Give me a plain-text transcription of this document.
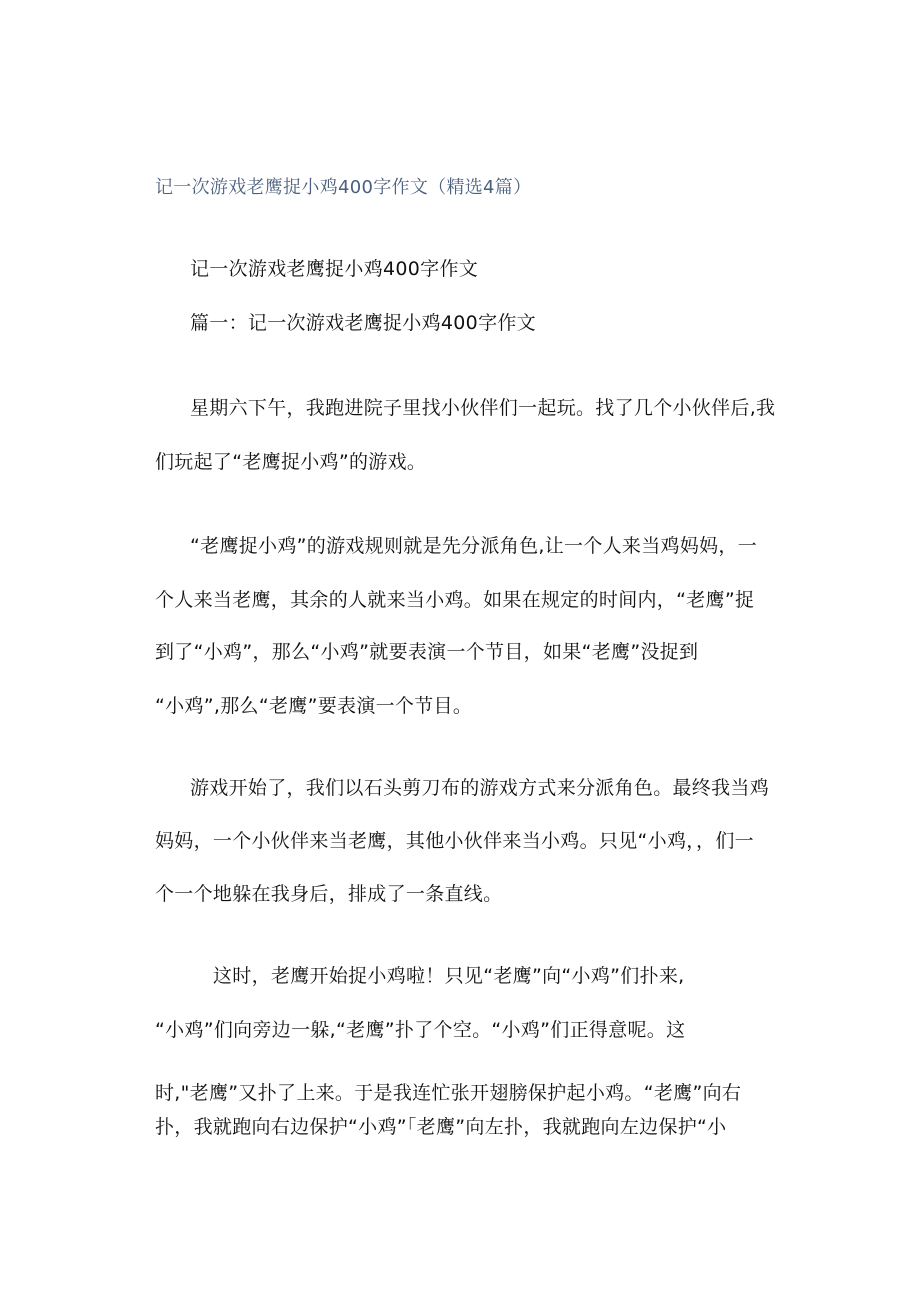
记一次游戏老鹰捉小鸡400字作文（精选4篇）

记一次游戏老鹰捉小鸡400字作文

篇一：记一次游戏老鹰捉小鸡400字作文

星期六下午，我跑进院子里找小伙伴们一起玩。找了几个小伙伴后,我

们玩起了“老鹰捉小鸡”的游戏。

“老鹰捉小鸡”的游戏规则就是先分派角色,让一个人来当鸡妈妈，一

个人来当老鹰，其余的人就来当小鸡。如果在规定的时间内，“老鹰”捉

到了“小鸡”，那么“小鸡”就要表演一个节目，如果“老鹰”没捉到

“小鸡”,那么“老鹰”要表演一个节目。

游戏开始了，我们以石头剪刀布的游戏方式来分派角色。最终我当鸡

妈妈，一个小伙伴来当老鹰，其他小伙伴来当小鸡。只见“小鸡，，们一

个一个地躲在我身后，排成了一条直线。

这时，老鹰开始捉小鸡啦！只见“老鹰”向“小鸡”们扑来,

“小鸡”们向旁边一躲,“老鹰”扑了个空。“小鸡”们正得意呢。这

时,"老鹰”又扑了上来。于是我连忙张开翅膀保护起小鸡。“老鹰”向右

扑，我就跑向右边保护“小鸡”「老鹰”向左扑，我就跑向左边保护“小
